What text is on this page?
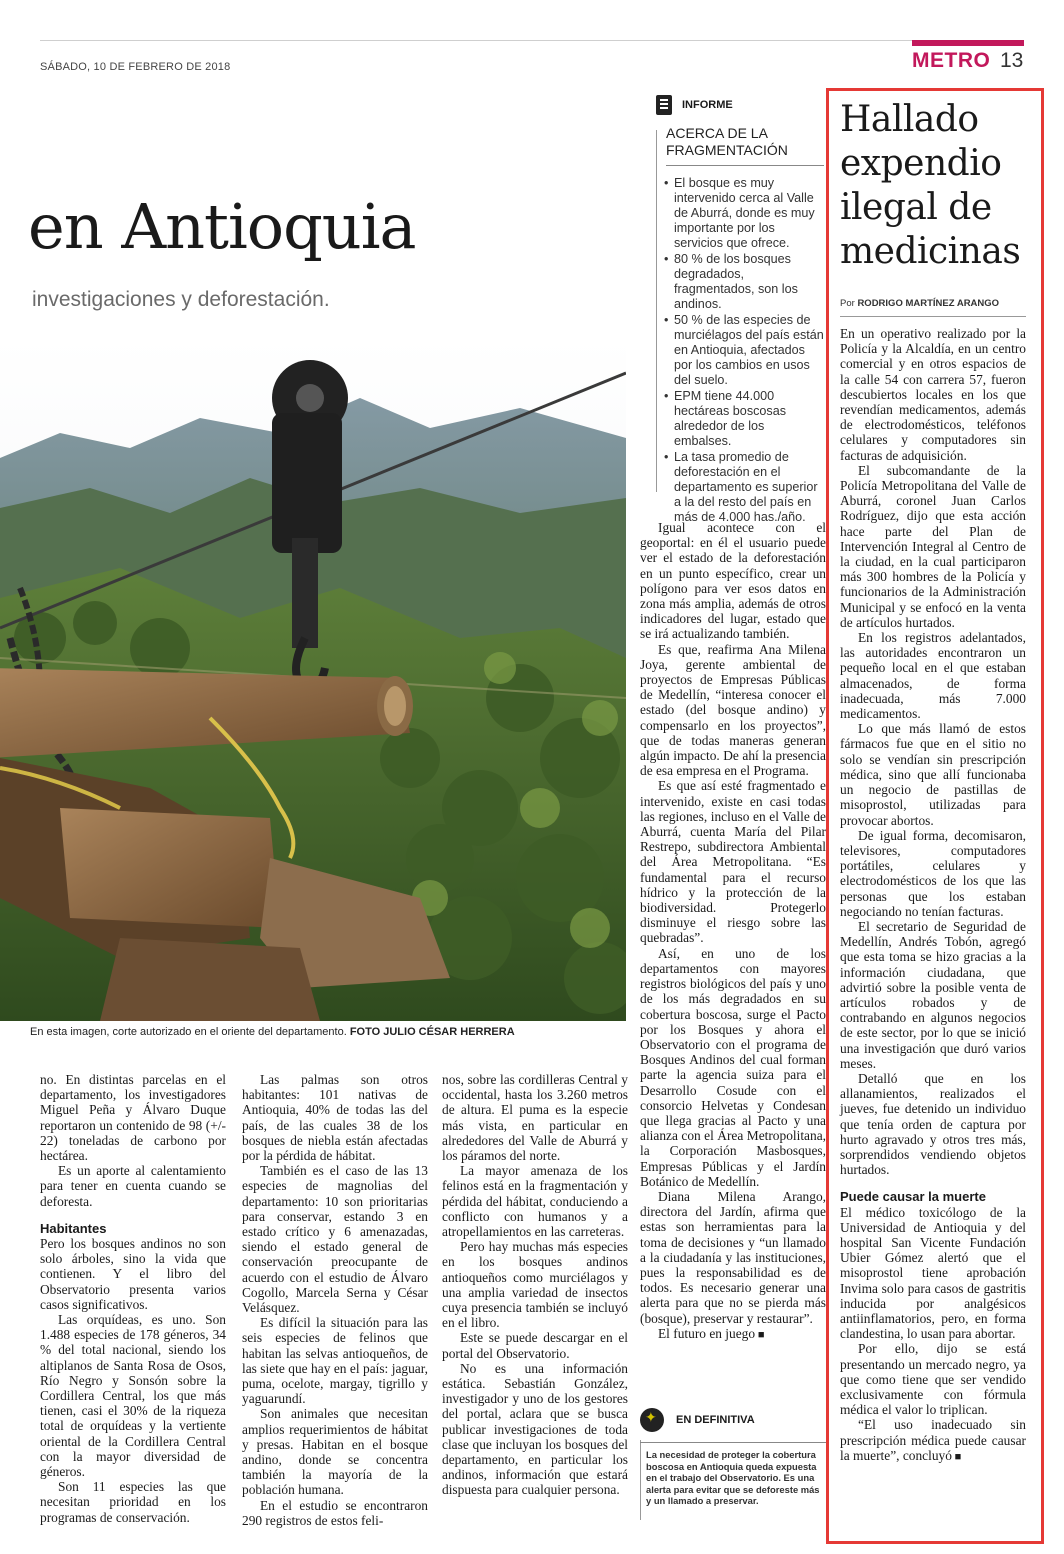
SÁBADO, 10 DE FEBRERO DE 2018	METRO 13
en Antioquia
investigaciones y deforestación.
En esta imagen, corte autorizado en el oriente del departamento. FOTO JULIO CÉSAR HERRERA
INFORME
ACERCA DE LA FRAGMENTACIÓN
• El bosque es muy intervenido cerca al Valle de Aburrá, donde es muy importante por los servicios que ofrece.
• 80 % de los bosques degradados, fragmentados, son los andinos.
• 50 % de las especies de murciélagos del país están en Antioquia, afectados por los cambios en usos del suelo.
• EPM tiene 44.000 hectáreas boscosas alrededor de los embalses.
• La tasa promedio de deforestación en el departamento es superior a la del resto del país en más de 4.000 has./año.

no. En distintas parcelas en el departamento, los investigadores Miguel Peña y Álvaro Duque reportaron un contenido de 98 (+/- 22) toneladas de carbono por hectárea.

Es un aporte al calentamiento para tener en cuenta cuando se deforesta.

Habitantes

Pero los bosques andinos no son solo árboles, sino la vida que contienen. Y el libro del Observatorio presenta varios casos significativos.

Las orquídeas, es uno. Son 1.488 especies de 178 géneros, 34 % del total nacional, siendo los altiplanos de Santa Rosa de Osos, Río Negro y Sonsón sobre la Cordillera Central, los que más tienen, casi el 30% de la riqueza total de orquídeas y la vertiente oriental de la Cordillera Central con la mayor diversidad de géneros.

Son 11 especies las que necesitan prioridad en los programas de conservación.

Las palmas son otros habitantes: 101 nativas de Antioquia, 40% de todas las del país, de las cuales 38 de los bosques de niebla están afectadas por la pérdida de hábitat.

También es el caso de las 13 especies de magnolias del departamento: 10 son prioritarias para conservar, estando 3 en estado crítico y 6 amenazadas, siendo el estado general de conservación preocupante de acuerdo con el estudio de Álvaro Cogollo, Marcela Serna y César Velásquez.

Es difícil la situación para las seis especies de felinos que habitan las selvas antioqueños, de las siete que hay en el país: jaguar, puma, ocelote, margay, tigrillo y yaguarundí.

Son animales que necesitan amplios requerimientos de hábitat y presas. Habitan en el bosque andino, donde se concentra también la mayoría de la población humana.

En el estudio se encontraron 290 registros de estos feli-

nos, sobre las cordilleras Central y occidental, hasta los 3.260 metros de altura. El puma es la especie más vista, en particular en alrededores del Valle de Aburrá y los páramos del norte.

La mayor amenaza de los felinos está en la fragmentación y pérdida del hábitat, conduciendo a conflicto con humanos y a atropellamientos en las carreteras.

Pero hay muchas más especies en los bosques andinos antioqueños como murciélagos y una amplia variedad de insectos cuya presencia también se incluyó en el libro.

Este se puede descargar en el portal del Observatorio.

No es una información estática. Sebastián González, investigador y uno de los gestores del portal, aclara que se busca publicar investigaciones de toda clase que incluyan los bosques del departamento, en particular los andinos, información que estará dispuesta para cualquier persona.

Igual acontece con el geoportal: en él el usuario puede ver el estado de la deforestación en un punto específico, crear un polígono para ver esos datos en zona más amplia, además de otros indicadores del lugar, estado que se irá actualizando también.

Es que, reafirma Ana Milena Joya, gerente ambiental de proyectos de Empresas Públicas de Medellín, “interesa conocer el estado (del bosque andino) y compensarlo en los proyectos”, que de todas maneras generan algún impacto. De ahí la presencia de esa empresa en el Programa.

Es que así esté fragmentado e intervenido, existe en casi todas las regiones, incluso en el Valle de Aburrá, cuenta María del Pilar Restrepo, subdirectora Ambiental del Área Metropolitana. “Es fundamental para el recurso hídrico y la protección de la biodiversidad. Protegerlo disminuye el riesgo sobre las quebradas”.

Así, en uno de los departamentos con mayores registros biológicos del país y uno de los más degradados en su cobertura boscosa, surge el Pacto por los Bosques y ahora el Observatorio con el programa de Bosques Andinos del cual forman parte la agencia suiza para el Desarrollo Cosude con el consorcio Helvetas y Condesan que llega gracias al Pacto y una alianza con el Área Metropolitana, la Corporación Masbosques, Empresas Públicas y el Jardín Botánico de Medellín.

Diana Milena Arango, directora del Jardín, afirma que estas son herramientas para la toma de decisiones y “un llamado a la ciudadanía y las instituciones, pues la responsabilidad es de todos. Es necesario generar una alerta para que no se pierda más (bosque), preservar y restaurar”.

El futuro en juego ■

✦
EN DEFINITIVA
La necesidad de proteger la cobertura boscosa en Antioquia queda expuesta en el trabajo del Observatorio. Es una alerta para evitar que se deforeste más y un llamado a preservar.
Hallado expendio ilegal de medicinas
Por RODRIGO MARTÍNEZ ARANGO

En un operativo realizado por la Policía y la Alcaldía, en un centro comercial y en otros espacios de la calle 54 con carrera 57, fueron descubiertos locales en los que revendían medicamentos, además de electrodomésticos, teléfonos celulares y computadores sin facturas de adquisición.

El subcomandante de la Policía Metropolitana del Valle de Aburrá, coronel Juan Carlos Rodríguez, dijo que esta acción hace parte del Plan de Intervención Integral al Centro de la ciudad, en la cual participaron más 300 hombres de la Policía y funcionarios de la Administración Municipal y se enfocó en la venta de artículos hurtados.

En los registros adelantados, las autoridades encontraron un pequeño local en el que estaban almacenados, de forma inadecuada, más 7.000 medicamentos.

Lo que más llamó de estos fármacos fue que en el sitio no solo se vendían sin prescripción médica, sino que allí funcionaba un negocio de pastillas de misoprostol, utilizadas para provocar abortos.

De igual forma, decomisaron, televisores, computadores portátiles, celulares y electrodomésticos de los que las personas que los estaban negociando no tenían facturas.

El secretario de Seguridad de Medellín, Andrés Tobón, agregó que esta toma se hizo gracias a la información ciudadana, que advirtió sobre la posible venta de artículos robados y de contrabando en algunos negocios de este sector, por lo que se inició una investigación que duró varios meses.

Detalló que en los allanamientos, realizados el jueves, fue detenido un individuo que tenía orden de captura por hurto agravado y otros tres más, sorprendidos vendiendo objetos hurtados.

Puede causar la muerte

El médico toxicólogo de la Universidad de Antioquia y del hospital San Vicente Fundación Ubier Gómez alertó que el misoprostol tiene aprobación Invima solo para casos de gastritis inducida por analgésicos antiinflamatorios, pero, en forma clandestina, lo usan para abortar.

Por ello, dijo se está presentando un mercado negro, ya que como tiene que ser vendido exclusivamente con fórmula médica el valor lo triplican.

“El uso inadecuado sin prescripción médica puede causar la muerte”, concluyó ■
